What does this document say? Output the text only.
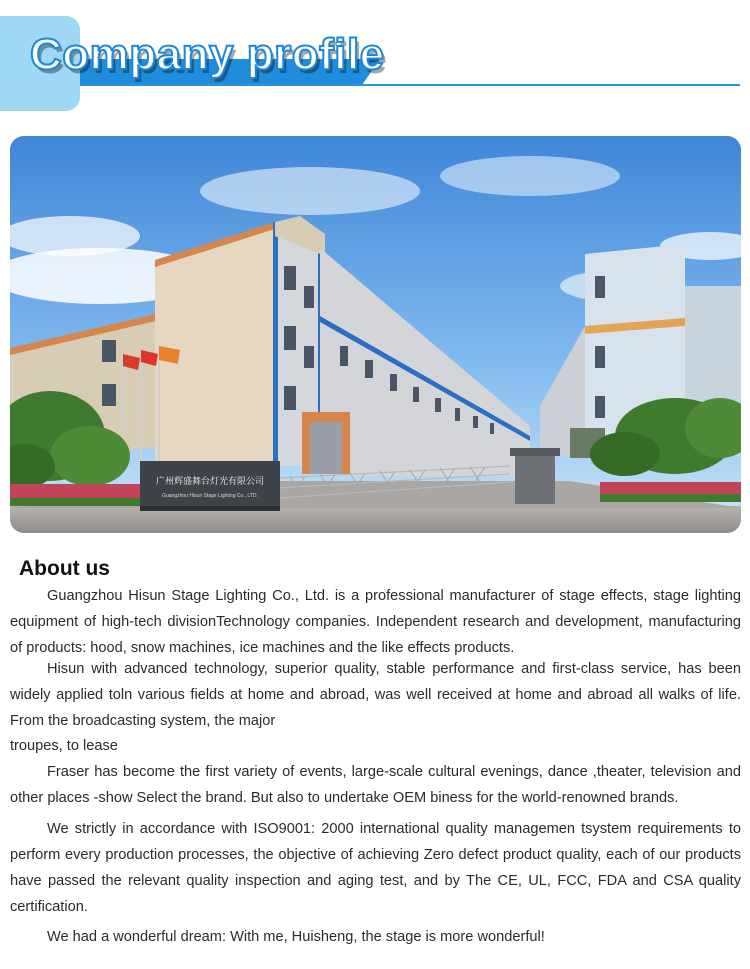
Company profile
广州辉盛舞台灯光有限公司
Guangzhou Hisun Stage Lighting Co., LTD.
About us

Guangzhou Hisun Stage Lighting Co., Ltd. is a professional manufacturer of stage effects, stage lighting equipment of high-tech divisionTechnology companies. Independent research and development, manufacturing of products: hood, snow machines, ice machines and the like effects products.

Hisun with advanced technology, superior quality, stable performance and first-class service, has been widely applied toln various fields at home and abroad, was well received at home and abroad all walks of life. From the broadcasting system, the major

troupes, to lease

Fraser has become the first variety of events, large-scale cultural evenings, dance ,theater, television and other places -show Select the brand. But also to undertake OEM biness for the world-renowned brands.

We strictly in accordance with ISO9001: 2000 international quality managemen tsystem requirements to perform every production processes, the objective of achieving Zero defect product quality, each of our products have passed the relevant quality inspection and aging test, and by The CE, UL, FCC, FDA and CSA quality certification.

We had a wonderful dream: With me, Huisheng, the stage is more wonderful!
